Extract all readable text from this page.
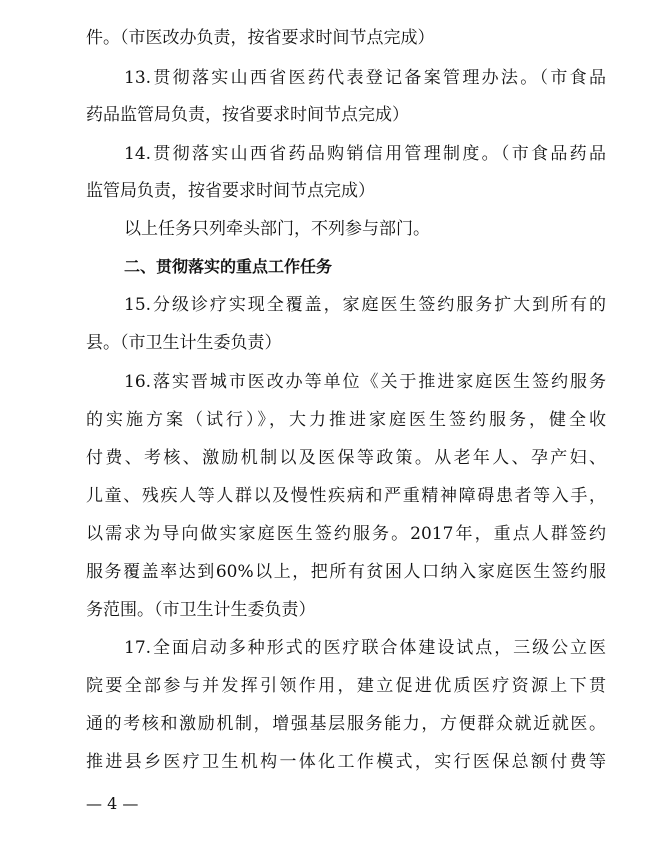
件。（市医改办负责，按省要求时间节点完成）
13.贯彻落实山西省医药代表登记备案管理办法。（市食品
药品监管局负责，按省要求时间节点完成）
14.贯彻落实山西省药品购销信用管理制度。（市食品药品
监管局负责，按省要求时间节点完成）
以上任务只列牵头部门，不列参与部门。
二、贯彻落实的重点工作任务
15.分级诊疗实现全覆盖，家庭医生签约服务扩大到所有的
县。（市卫生计生委负责）
16.落实晋城市医改办等单位《关于推进家庭医生签约服务
的实施方案（试行）》，大力推进家庭医生签约服务，健全收
付费、考核、激励机制以及医保等政策。从老年人、孕产妇、
儿童、残疾人等人群以及慢性疾病和严重精神障碍患者等入手，
以需求为导向做实家庭医生签约服务。2017年，重点人群签约
服务覆盖率达到60%以上，把所有贫困人口纳入家庭医生签约服
务范围。（市卫生计生委负责）
17.全面启动多种形式的医疗联合体建设试点，三级公立医
院要全部参与并发挥引领作用，建立促进优质医疗资源上下贯
通的考核和激励机制，增强基层服务能力，方便群众就近就医。
推进县乡医疗卫生机构一体化工作模式，实行医保总额付费等
— 4 —
